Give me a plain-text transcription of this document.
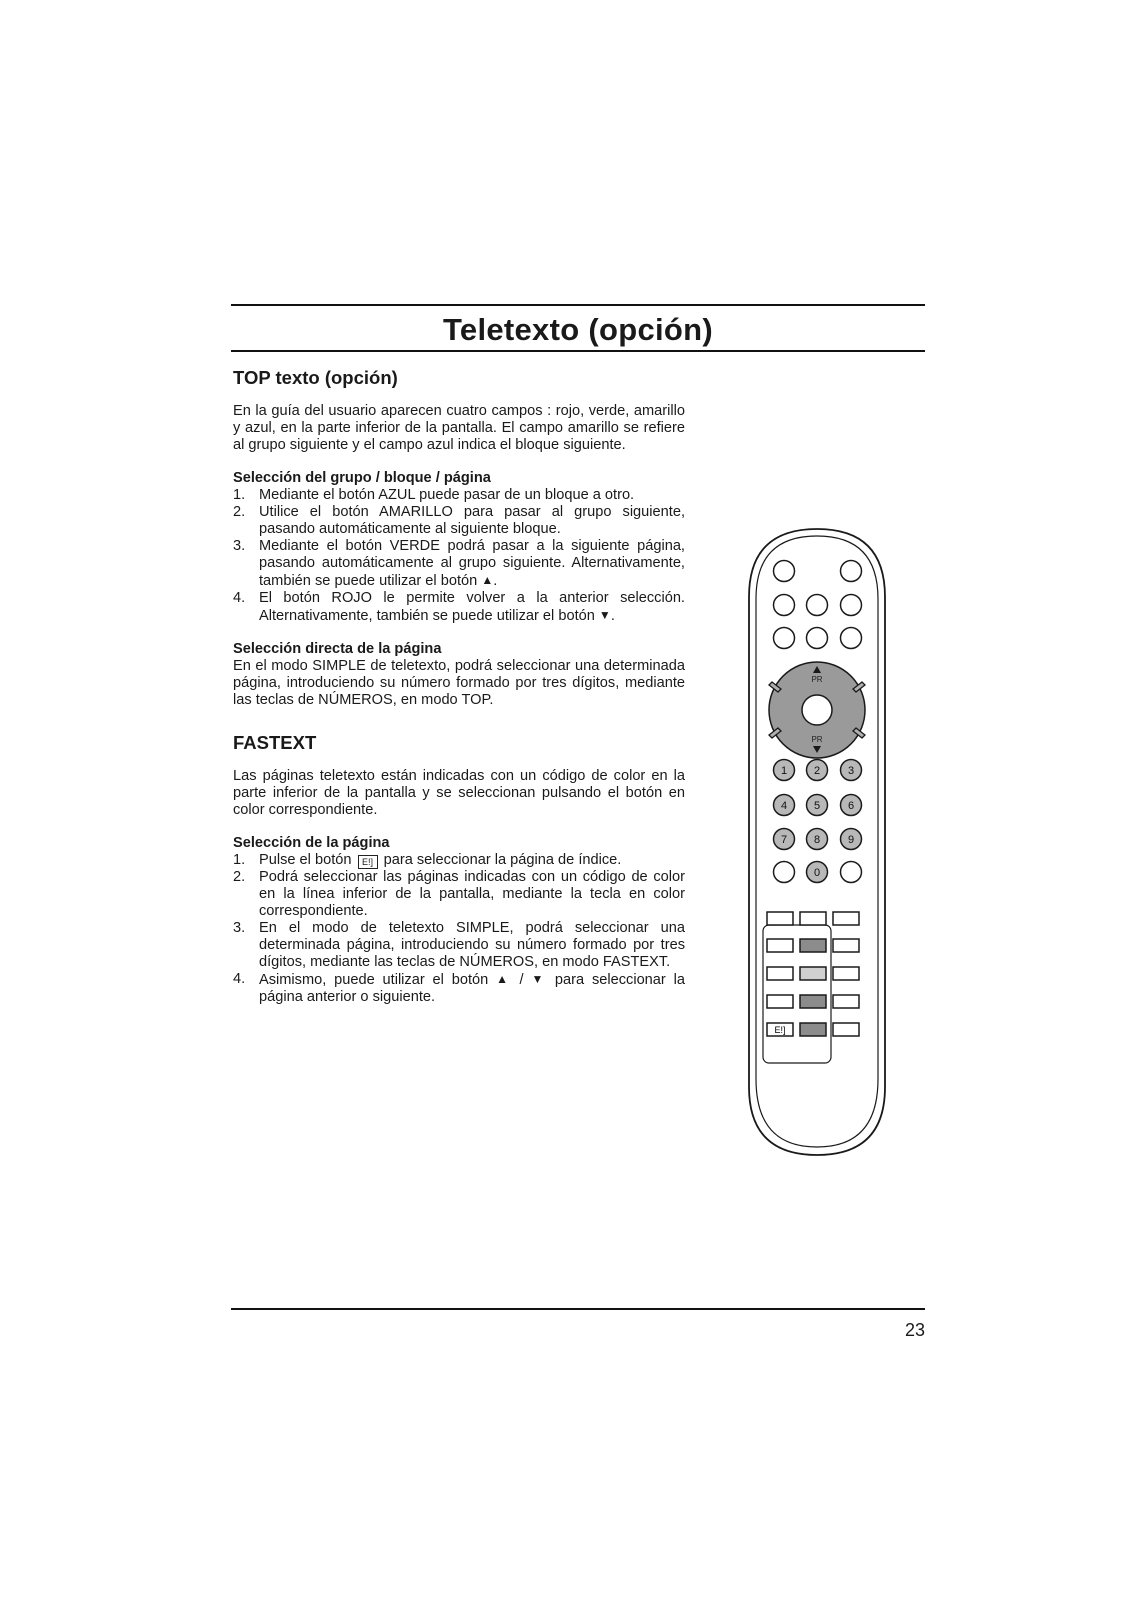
Teletexto (opción)
TOP texto (opción)

En la guía del usuario aparecen cuatro campos : rojo, verde, amarillo y azul, en la parte inferior de la pantalla. El campo amarillo se refiere al grupo siguiente y el campo azul indica el bloque siguiente.

Selección del grupo / bloque / página
1. Mediante el botón AZUL puede pasar de un bloque a otro.
2. Utilice el botón AMARILLO para pasar al grupo siguiente, pasando automáticamente al siguiente bloque.
3. Mediante el botón VERDE podrá pasar a la siguiente página, pasando automáticamente al grupo siguiente. Alternativamente, también se puede utilizar el botón ▲.
4. El botón ROJO le permite volver a la anterior selección. Alternativamente, también se puede utilizar el botón ▼.
Selección directa de la página

En el modo SIMPLE de teletexto, podrá seleccionar una determinada página, introduciendo su número formado por tres dígitos, mediante las teclas de NÚMEROS, en modo TOP.

FASTEXT

Las páginas teletexto están indicadas con un código de color en la parte inferior de la pantalla y se seleccionan pulsando el botón en color correspondiente.

Selección de la página
1. Pulse el botón E!] para seleccionar la página de índice.
2. Podrá seleccionar las páginas indicadas con un código de color en la línea inferior de la pantalla, mediante la tecla en color correspondiente.
3. En el modo de teletexto SIMPLE, podrá seleccionar una determinada página, introduciendo su número formado por tres dígitos, mediante las teclas de NÚMEROS, en modo FASTEXT.
4. Asimismo, puede utilizar el botón ▲ / ▼ para seleccionar la página anterior o siguiente.
PR
PR
1 2	3
4 5	6
7 8	9
0
E!]
23
